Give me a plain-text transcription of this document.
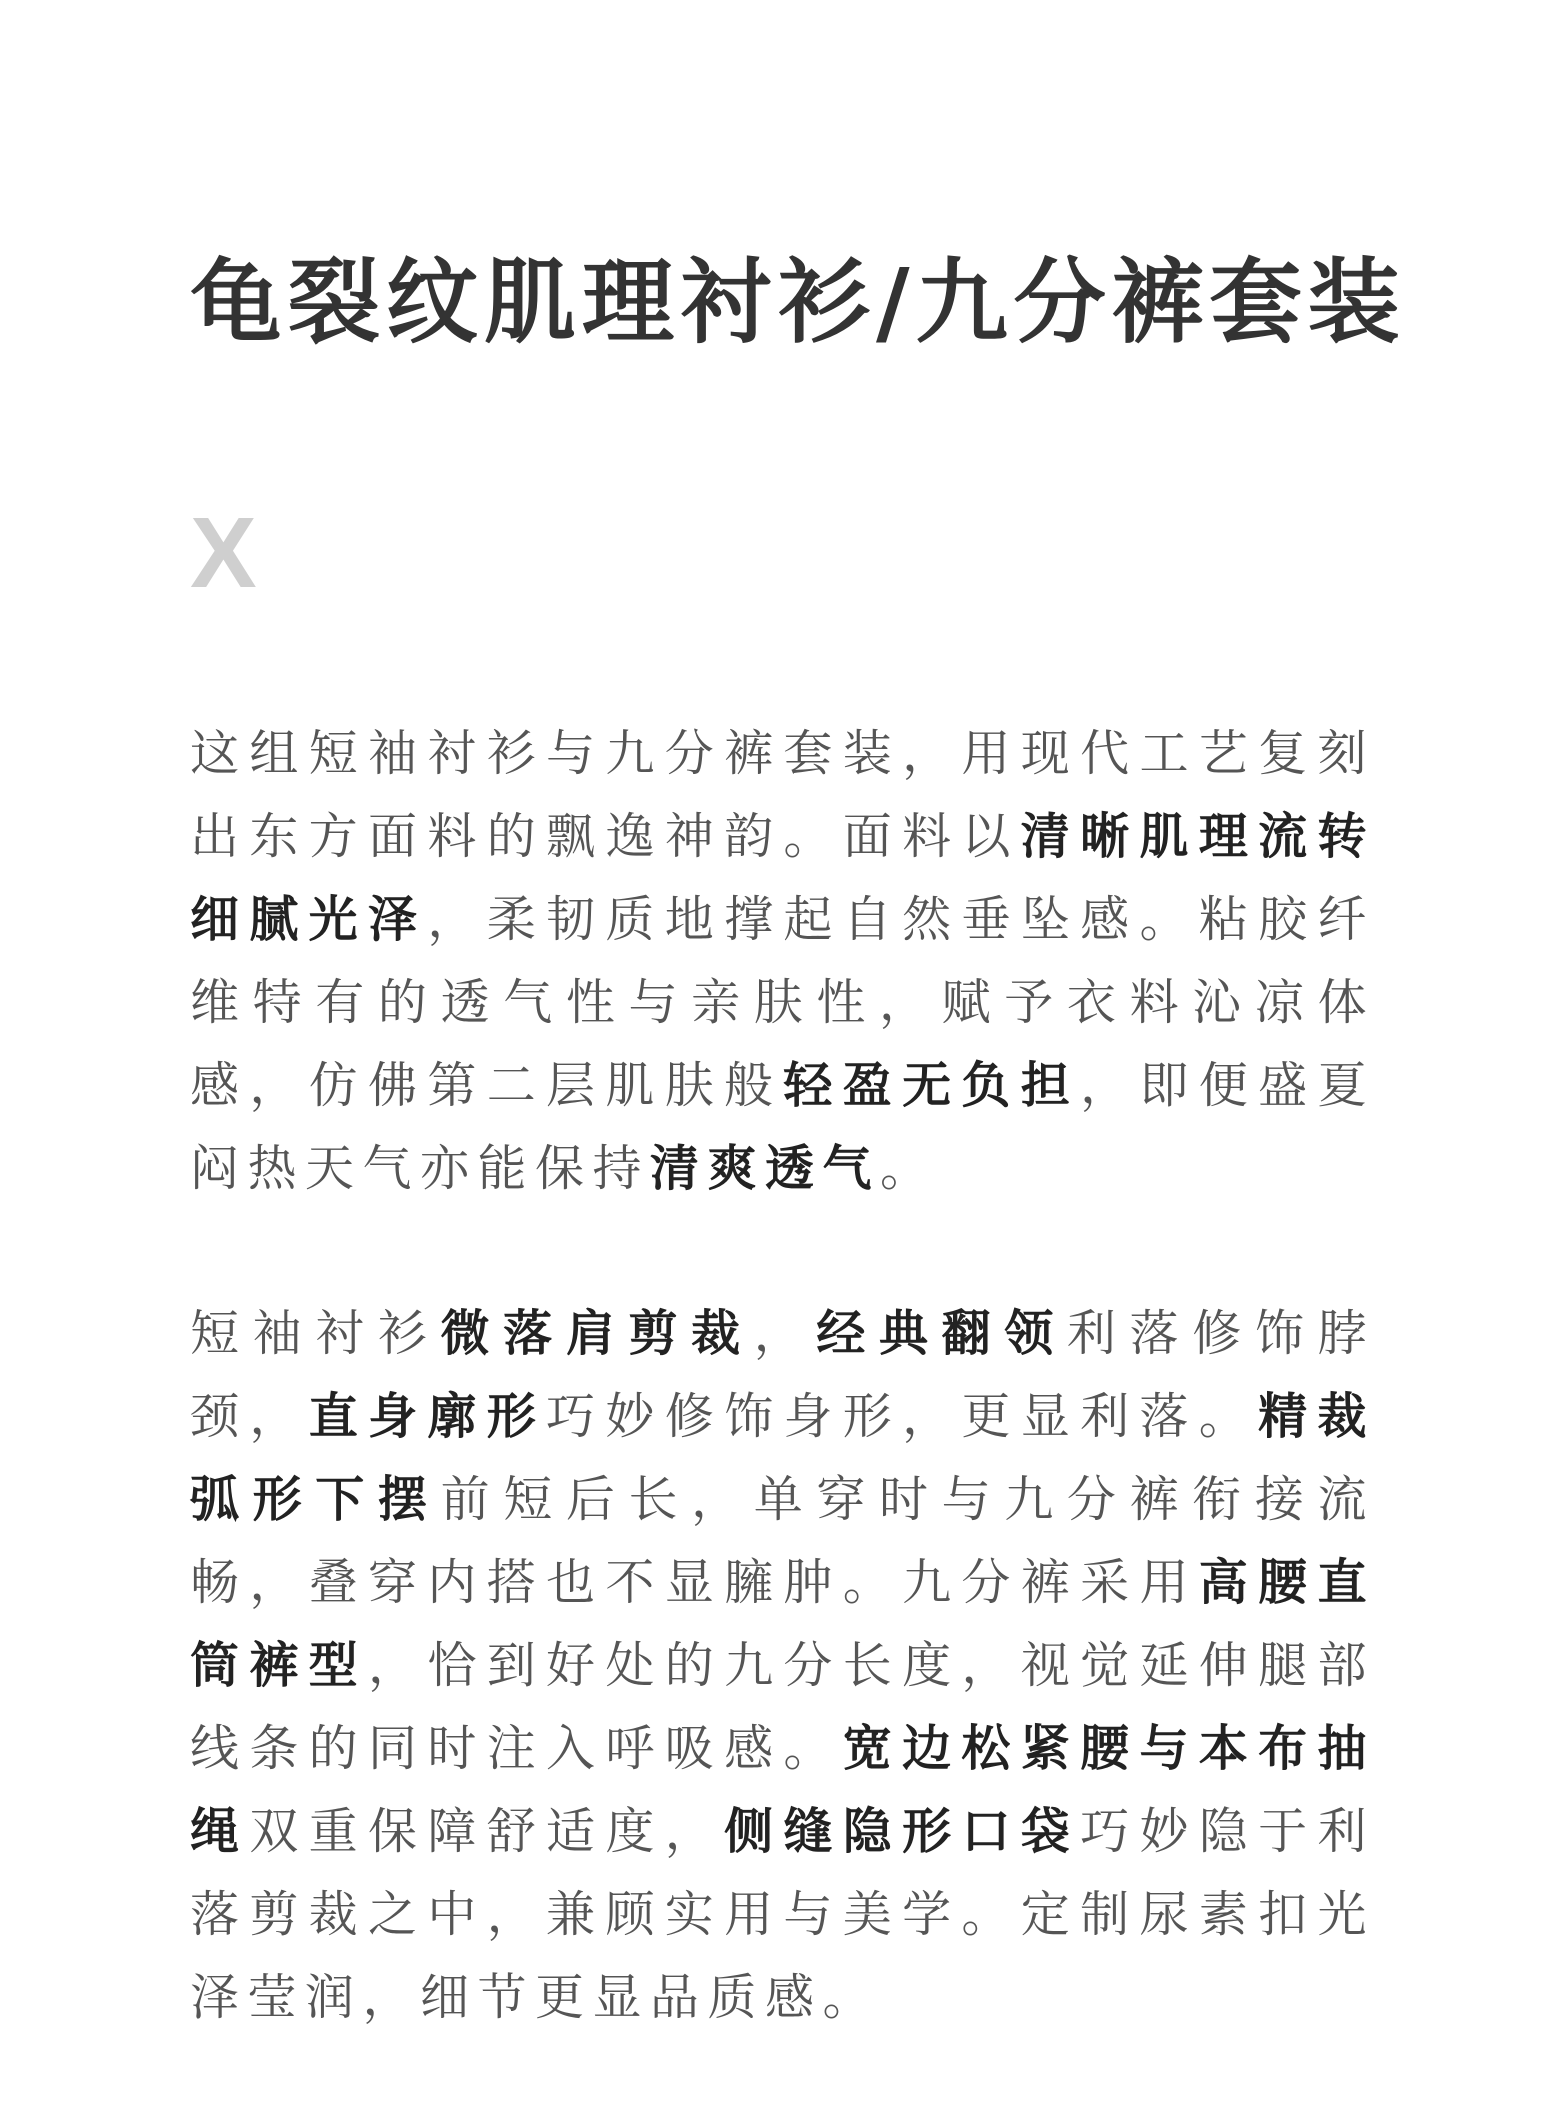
龟裂纹肌理衬衫/九分裤套装
X
这组短袖衬衫与九分裤套装，用现代工艺复刻出东方面料的飘逸神韵。面料以清晰肌理流转细腻光泽，柔韧质地撑起自然垂坠感。粘胶纤维特有的透气性与亲肤性，赋予衣料沁凉体感，仿佛第二层肌肤般轻盈无负担，即便盛夏闷热天气亦能保持清爽透气。
短袖衬衫微落肩剪裁，经典翻领利落修饰脖颈，直身廓形巧妙修饰身形，更显利落。精裁弧形下摆前短后长，单穿时与九分裤衔接流畅，叠穿内搭也不显臃肿。九分裤采用高腰直筒裤型，恰到好处的九分长度，视觉延伸腿部线条的同时注入呼吸感。宽边松紧腰与本布抽绳双重保障舒适度，侧缝隐形口袋巧妙隐于利落剪裁之中，兼顾实用与美学。定制尿素扣光泽莹润，细节更显品质感。
